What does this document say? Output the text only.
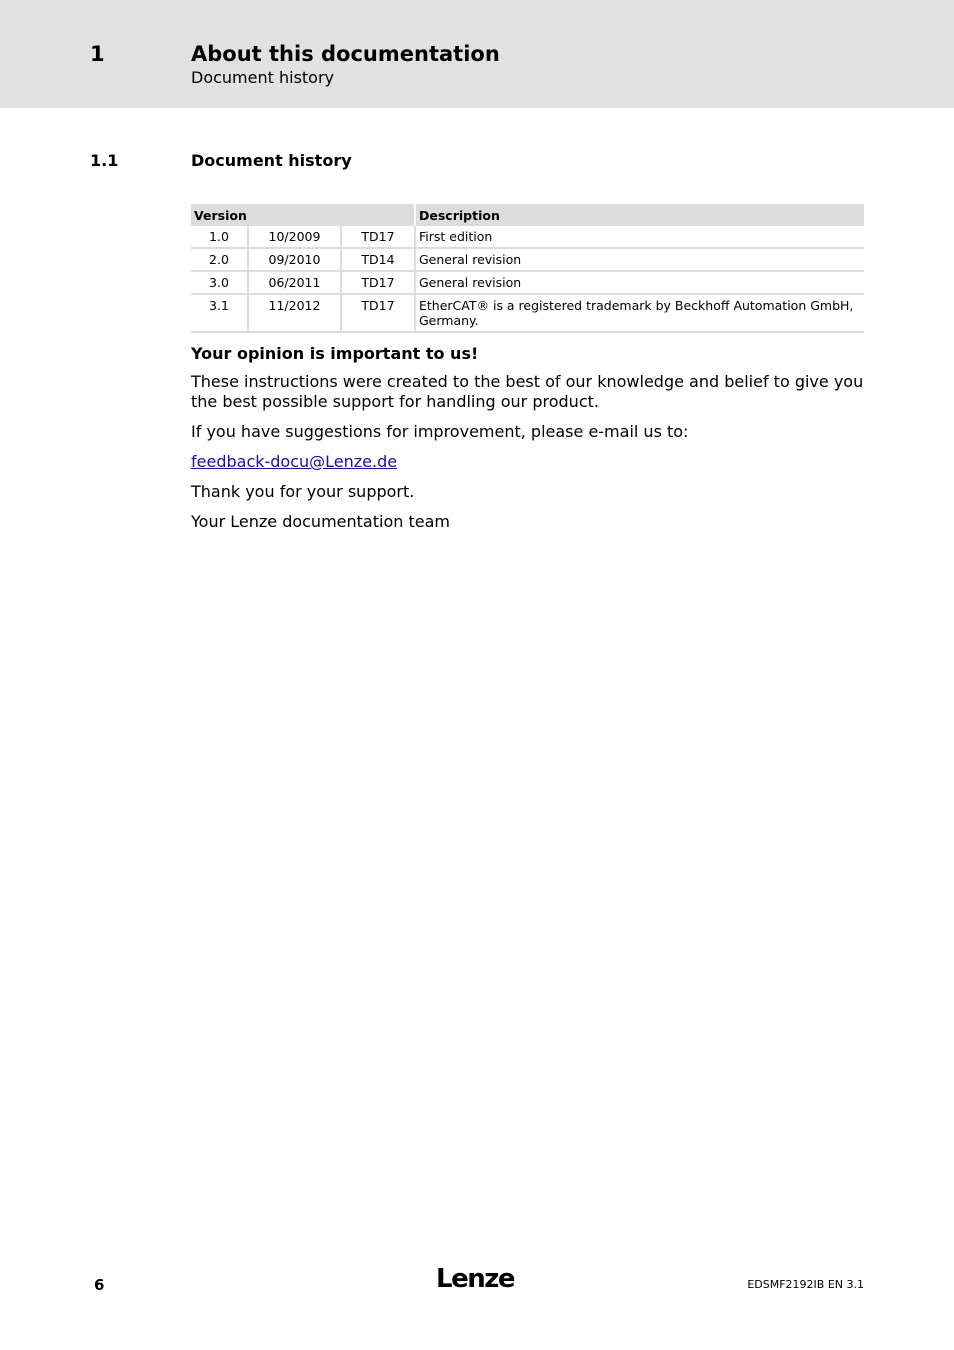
1	About this documentation
Document history
1.1	Document history
Version			Description
1.0	10/2009	TD17	First edition
2.0	09/2010	TD14	General revision
3.0	06/2011	TD17	General revision
3.1	11/2012	TD17	EtherCAT® is a registered trademark by Beckhoff Automation GmbH, Germany.
Your opinion is important to us!
These instructions were created to the best of our knowledge and belief to give you the best possible support for handling our product.
If you have suggestions for improvement, please e-mail us to:
feedback-docu@Lenze.de
Thank you for your support.
Your Lenze documentation team
6	Lenze	EDSMF2192IB EN 3.1
